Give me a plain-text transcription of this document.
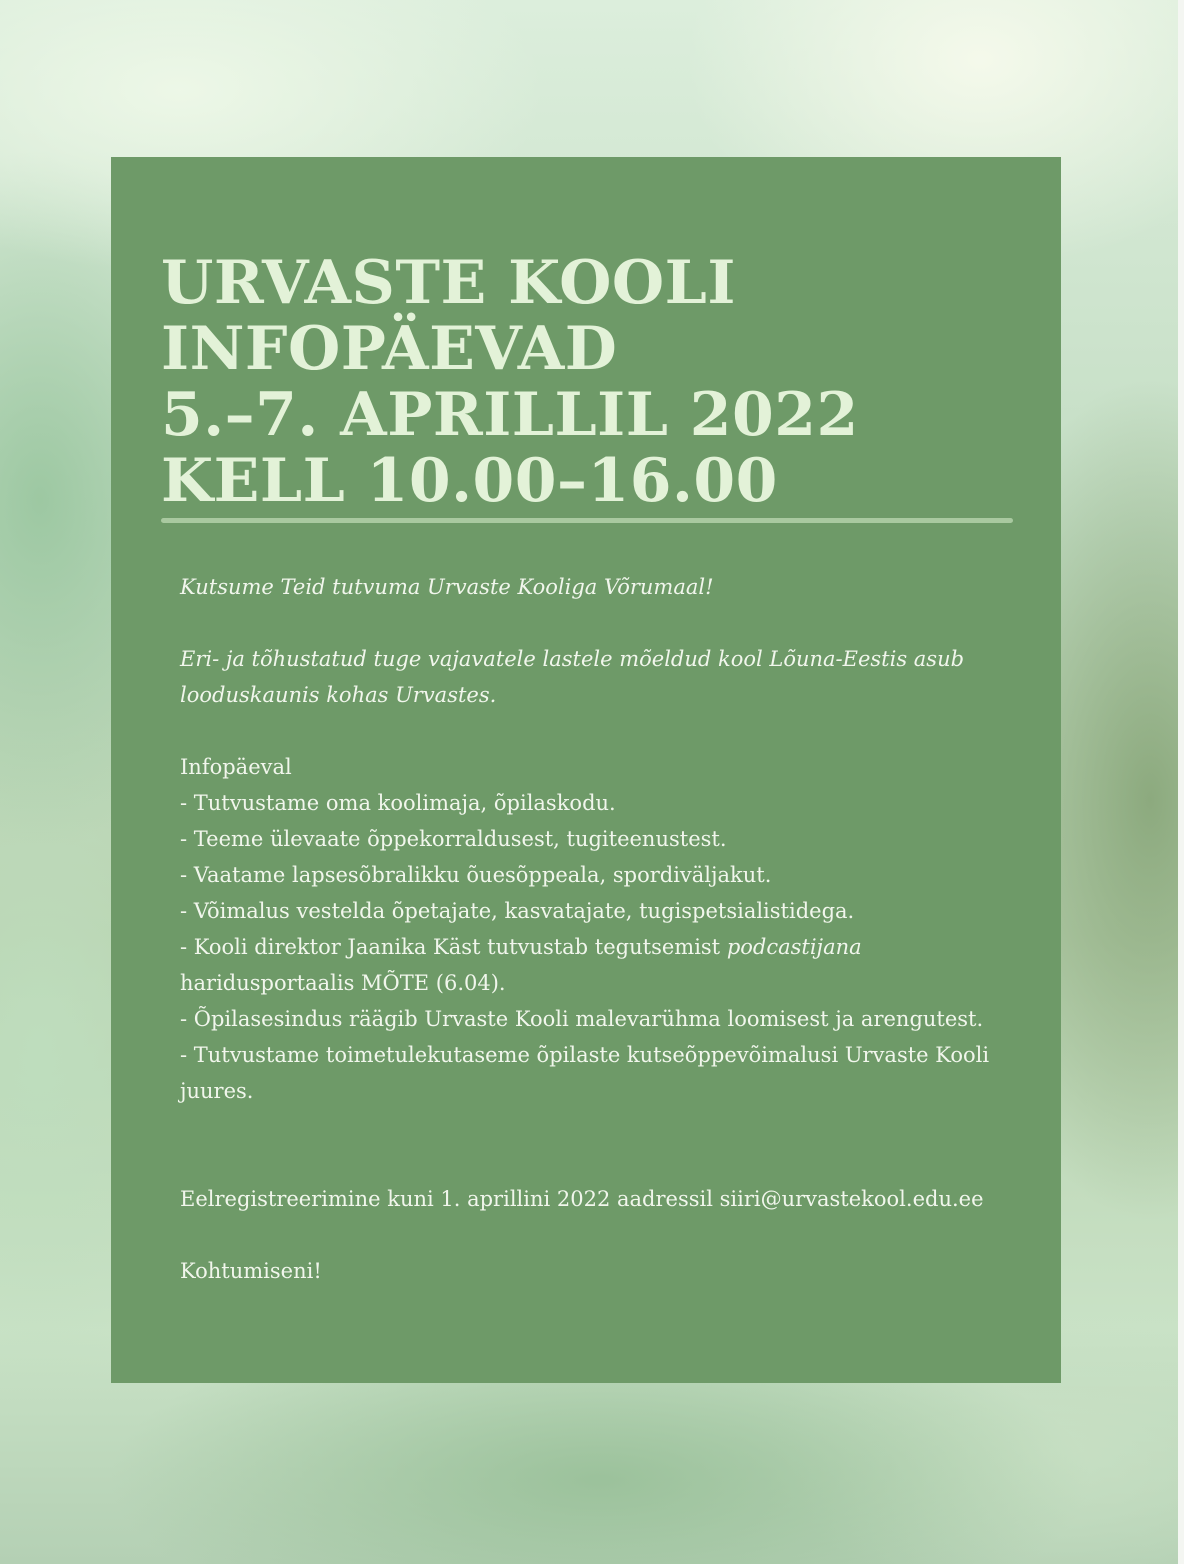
URVASTE KOOLI
INFOPÄEVAD
5.–7. APRILLIL 2022
KELL 10.00–16.00

Kutsume Teid tutvuma Urvaste Kooliga Võrumaal!

Eri- ja tõhustatud tuge vajavatele lastele mõeldud kool Lõuna-Eestis asub looduskaunis kohas Urvastes.

Infopäeval

- Tutvustame oma koolimaja, õpilaskodu.

- Teeme ülevaate õppekorraldusest, tugiteenustest.

- Vaatame lapsesõbralikku õuesõppeala, spordiväljakut.

- Võimalus vestelda õpetajate, kasvatajate, tugispetsialistidega.

- Kooli direktor Jaanika Käst tutvustab tegutsemist podcastijana haridusportaalis MÕTE (6.04).

- Õpilasesindus räägib Urvaste Kooli malevarühma loomisest ja arengutest.

- Tutvustame toimetulekutaseme õpilaste kutseõppevõimalusi Urvaste Kooli juures.

Eelregistreerimine kuni 1. aprillini 2022 aadressil siiri@urvastekool.edu.ee

Kohtumiseni!
